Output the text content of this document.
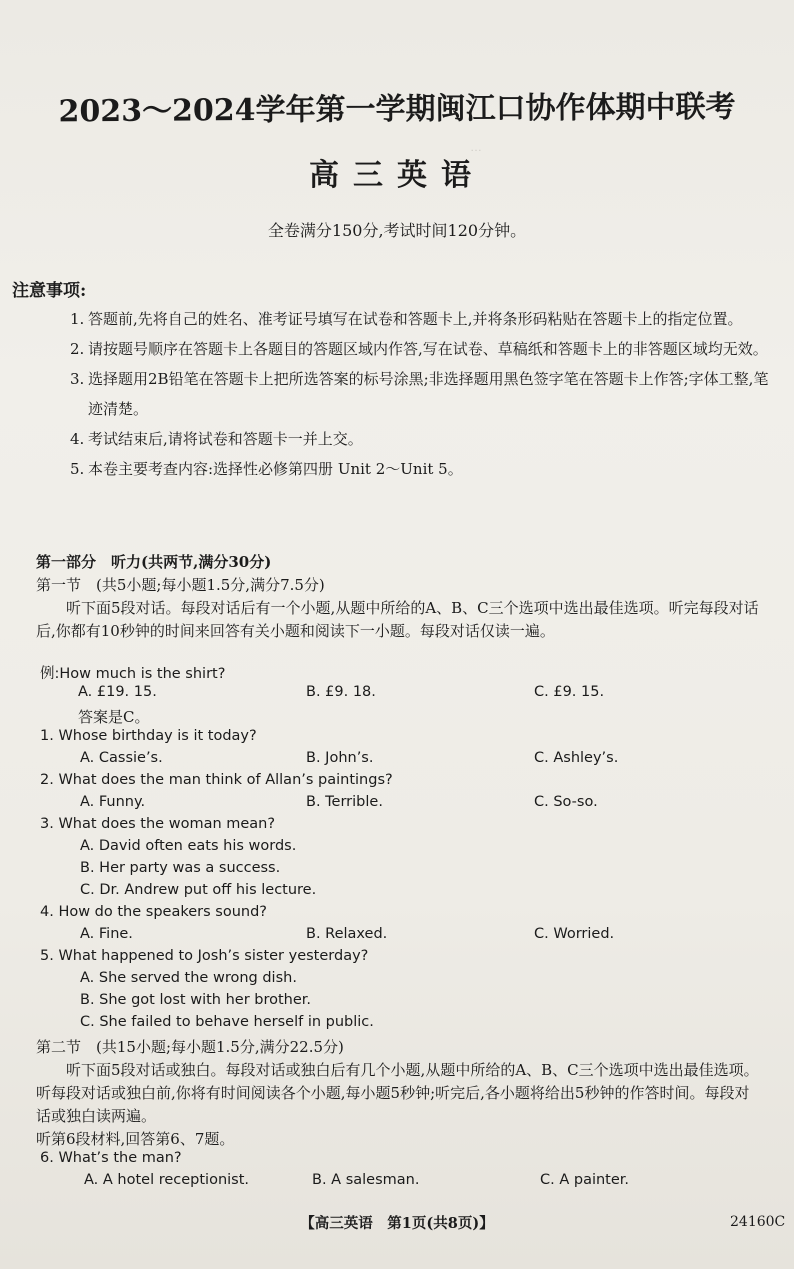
…
2023～2024学年第一学期闽江口协作体期中联考
高三英语
全卷满分150分,考试时间120分钟。
注意事项:
1. 答题前,先将自己的姓名、准考证号填写在试卷和答题卡上,并将条形码粘贴在答题卡上的指定位置。
2. 请按题号顺序在答题卡上各题目的答题区域内作答,写在试卷、草稿纸和答题卡上的非答题区域均无效。
3. 选择题用2B铅笔在答题卡上把所选答案的标号涂黑;非选择题用黑色签字笔在答题卡上作答;字体工整,笔迹清楚。
4. 考试结束后,请将试卷和答题卡一并上交。
5. 本卷主要考查内容:选择性必修第四册 Unit 2～Unit 5。
第一部分　听力(共两节,满分30分)
第一节　(共5小题;每小题1.5分,满分7.5分)
听下面5段对话。每段对话后有一个小题,从题中所给的A、B、C三个选项中选出最佳选项。听完每段对话后,你都有10秒钟的时间来回答有关小题和阅读下一小题。每段对话仅读一遍。
例:How much is the shirt?
A. £19. 15.	B. £9. 18.	C. £9. 15.
答案是C。
1. Whose birthday is it today?
A. Cassie’s.	B. John’s.	C. Ashley’s.
2. What does the man think of Allan’s paintings?
A. Funny.	B. Terrible.	C. So-so.
3. What does the woman mean?
A. David often eats his words.
B. Her party was a success.
C. Dr. Andrew put off his lecture.
4. How do the speakers sound?
A. Fine.	B. Relaxed.	C. Worried.
5. What happened to Josh’s sister yesterday?
A. She served the wrong dish.
B. She got lost with her brother.
C. She failed to behave herself in public.
第二节　(共15小题;每小题1.5分,满分22.5分)
听下面5段对话或独白。每段对话或独白后有几个小题,从题中所给的A、B、C三个选项中选出最佳选项。听每段对话或独白前,你将有时间阅读各个小题,每小题5秒钟;听完后,各小题将给出5秒钟的作答时间。每段对话或独白读两遍。
听第6段材料,回答第6、7题。
6. What’s the man?
A. A hotel receptionist.	B. A salesman.	C. A painter.
【高三英语　第1页(共8页)】	24160C
